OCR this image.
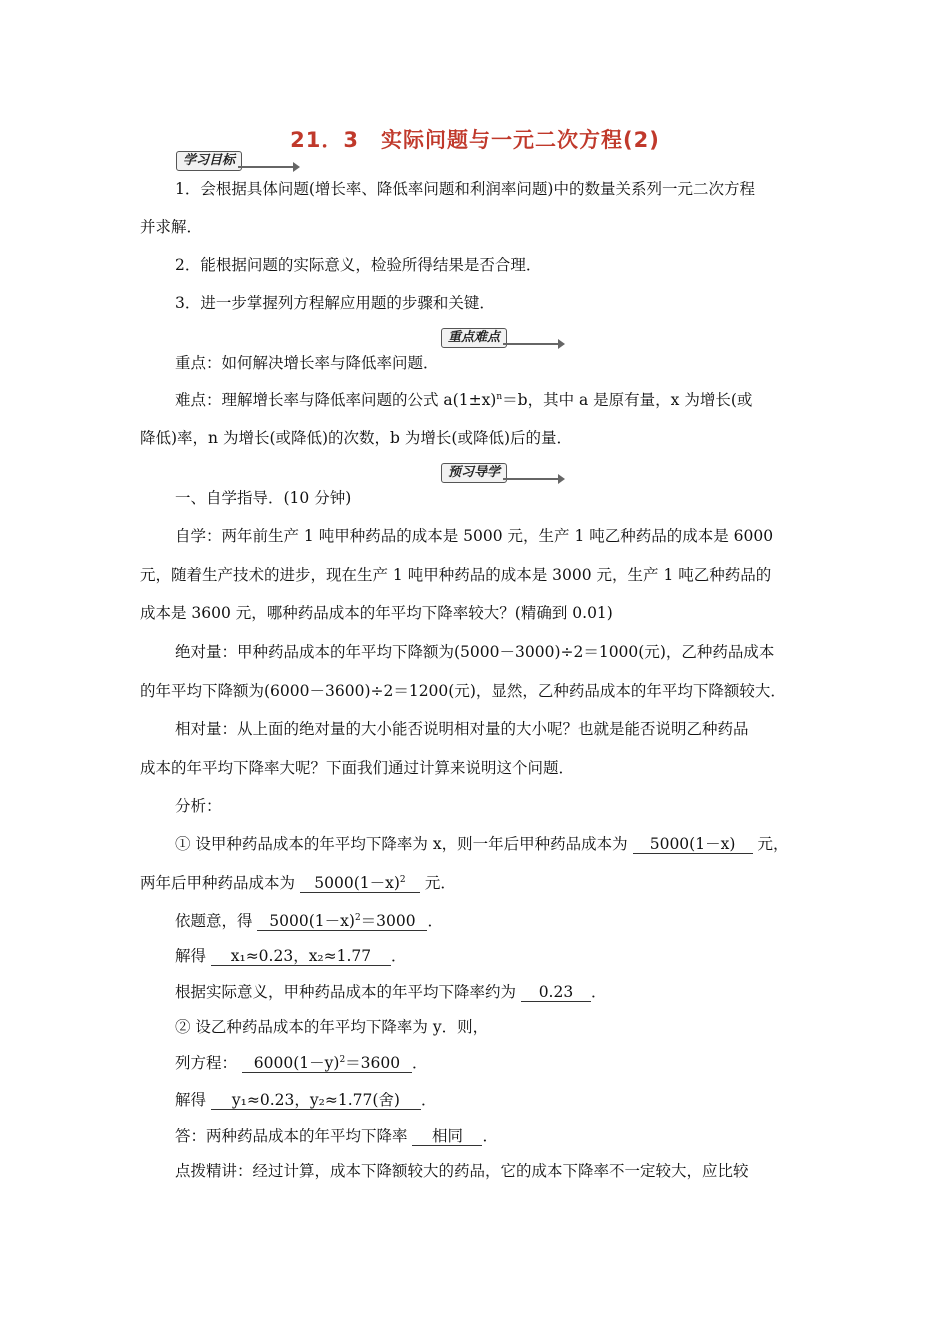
21．3　实际问题与一元二次方程(2)
学习目标
1．会根据具体问题(增长率、降低率问题和利润率问题)中的数量关系列一元二次方程
并求解．
2．能根据问题的实际意义，检验所得结果是否合理．
3．进一步掌握列方程解应用题的步骤和关键．
重点难点
重点：如何解决增长率与降低率问题．
难点：理解增长率与降低率问题的公式 $a(1\pm x)^n=b$，其中 a 是原有量，x 为增长(或
降低)率，n 为增长(或降低)的次数，b 为增长(或降低)后的量．
预习导学
一、自学指导．(10 分钟)
自学：两年前生产 1 吨甲种药品的成本是 5000 元，生产 1 吨乙种药品的成本是 6000
元，随着生产技术的进步，现在生产 1 吨甲种药品的成本是 3000 元，生产 1 吨乙种药品的
成本是 3600 元，哪种药品成本的年平均下降率较大？(精确到 0.01)
绝对量：甲种药品成本的年平均下降额为(5000－3000)÷2＝1000(元)，乙种药品成本
的年平均下降额为(6000－3600)÷2＝1200(元)，显然，乙种药品成本的年平均下降额较大．
相对量：从上面的绝对量的大小能否说明相对量的大小呢？也就是能否说明乙种药品
成本的年平均下降率大呢？下面我们通过计算来说明这个问题．
分析：
① 设甲种药品成本的年平均下降率为 x，则一年后甲种药品成本为 5000(1－x) 元，
两年后甲种药品成本为 $5000(1-x)^2$ 元．
依题意，得 $5000(1-x)^2=3000$ ．
解得 x₁≈0.23，x₂≈1.77 ．
根据实际意义，甲种药品成本的年平均下降率约为 0.23 ．
② 设乙种药品成本的年平均下降率为 y．则，
列方程： $6000(1-y)^2=3600$ ．
解得 y₁≈0.23，y₂≈1.77(舍) ．
答：两种药品成本的年平均下降率 相同 ．
点拨精讲：经过计算，成本下降额较大的药品，它的成本下降率不一定较大，应比较
